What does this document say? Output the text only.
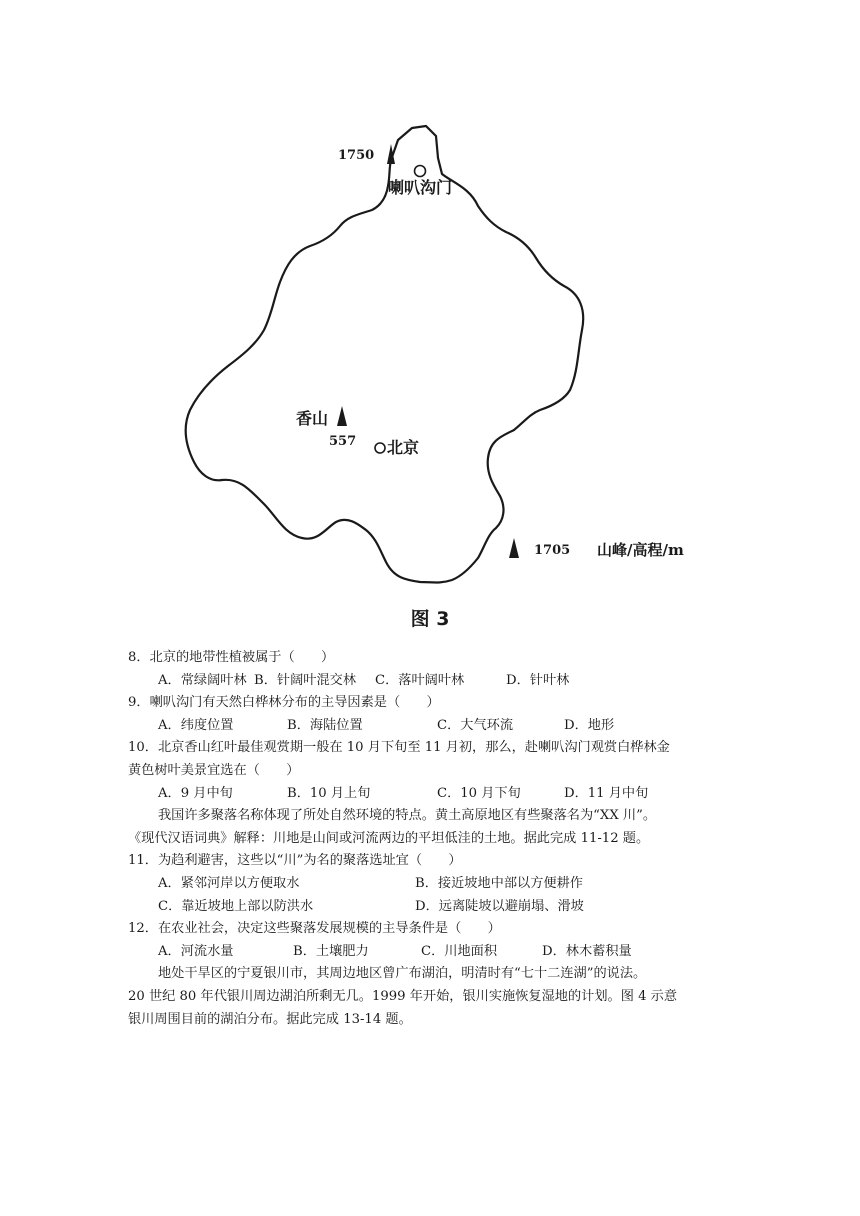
1750
喇叭沟门
香山
557 北京
1705 山峰/高程/m
图 3
8．北京的地带性植被属于（　　）
A．常绿阔叶林 B．针阔叶混交林	C．落叶阔叶林	D．针叶林
9．喇叭沟门有天然白桦林分布的主导因素是（　　）
A．纬度位置	B．海陆位置	C．大气环流	D．地形
10．北京香山红叶最佳观赏期一般在 10 月下旬至 11 月初，那么，赴喇叭沟门观赏白桦林金
黄色树叶美景宜选在（　　）
A．9 月中旬	B．10 月上旬	C．10 月下旬	D．11 月中旬
我国许多聚落名称体现了所处自然环境的特点。黄土高原地区有些聚落名为“XX 川”。
《现代汉语词典》解释：川地是山间或河流两边的平坦低洼的土地。据此完成 11-12 题。
11．为趋利避害，这些以“川”为名的聚落选址宜（　　）
A．紧邻河岸以方便取水	B．接近坡地中部以方便耕作
C．靠近坡地上部以防洪水	D．远离陡坡以避崩塌、滑坡
12．在农业社会，决定这些聚落发展规模的主导条件是（　　）
A．河流水量	B．土壤肥力	C．川地面积	D．林木蓄积量
地处干旱区的宁夏银川市，其周边地区曾广布湖泊，明清时有“七十二连湖”的说法。
20 世纪 80 年代银川周边湖泊所剩无几。1999 年开始，银川实施恢复湿地的计划。图 4 示意
银川周围目前的湖泊分布。据此完成 13-14 题。
